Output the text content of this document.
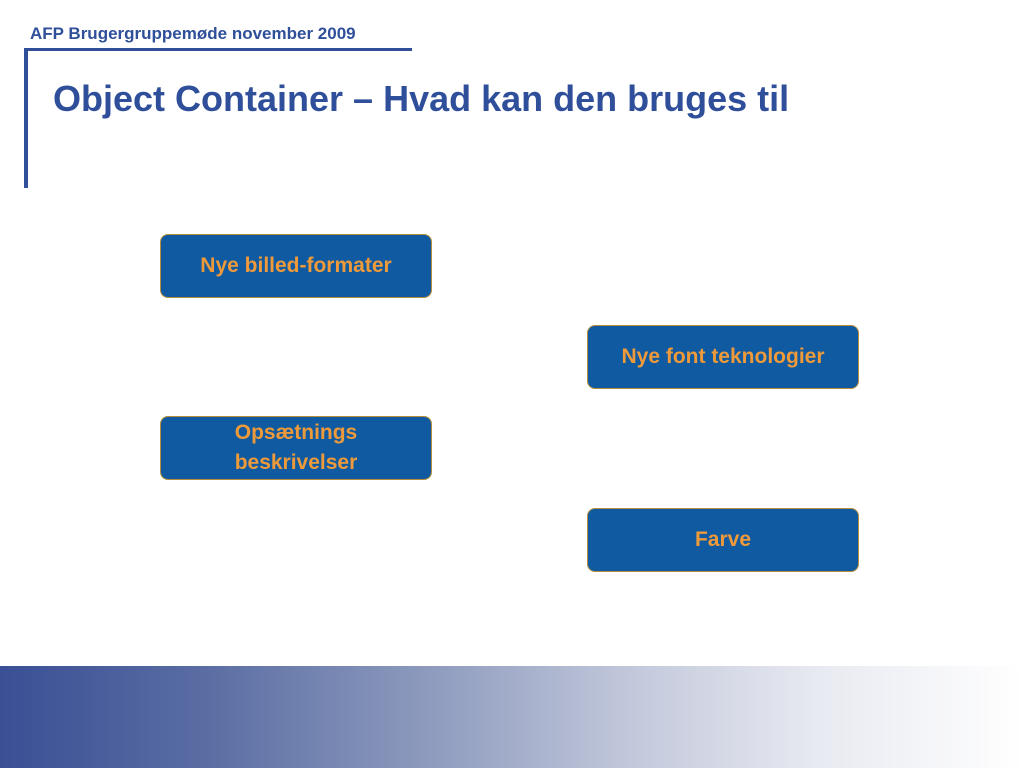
AFP Brugergruppemøde november 2009
Object Container – Hvad kan den bruges til
Nye billed-formater
Nye font teknologier
Opsætnings
beskrivelser
Farve
